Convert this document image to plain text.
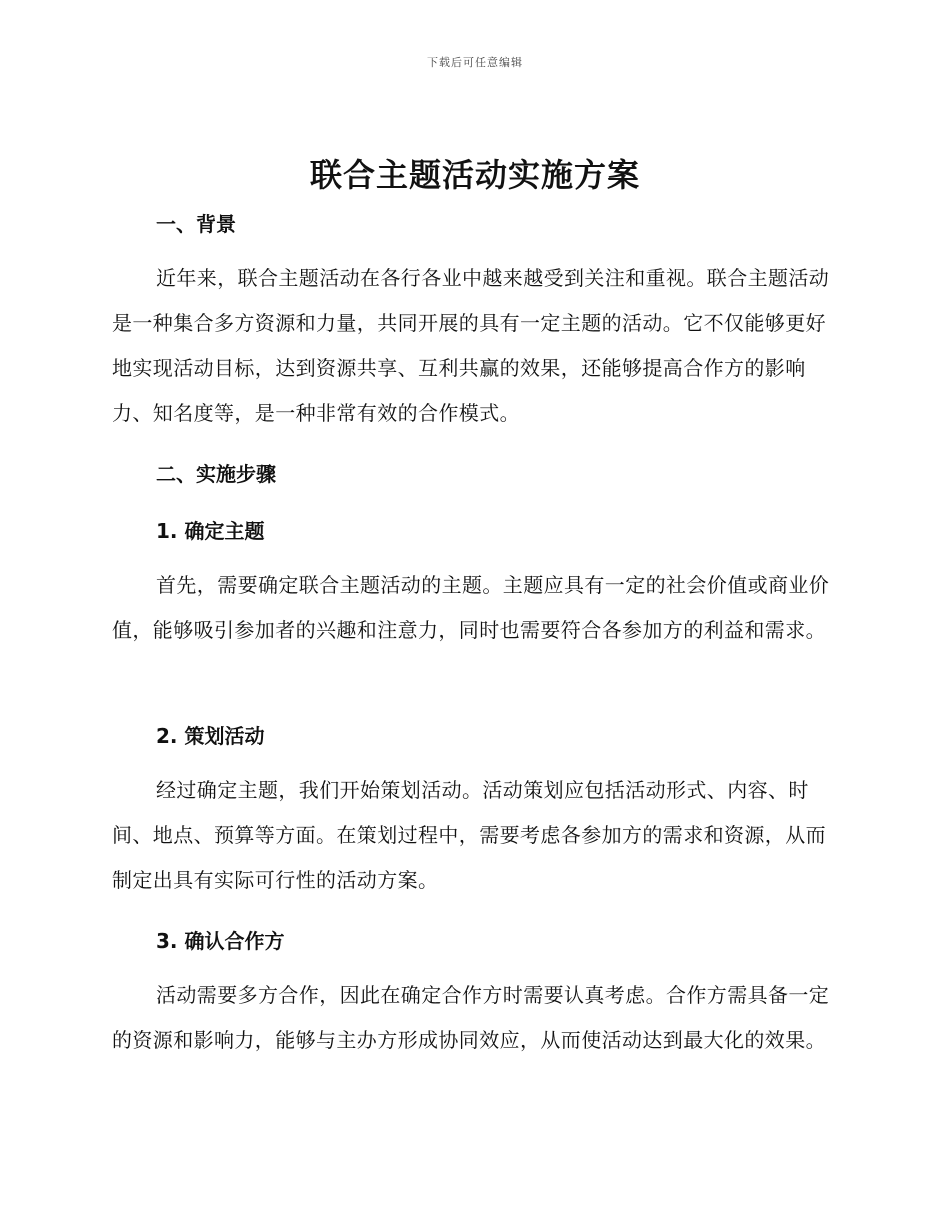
下载后可任意编辑
联合主题活动实施方案
一、背景

近年来，联合主题活动在各行各业中越来越受到关注和重视。联合主题活动是一种集合多方资源和力量，共同开展的具有一定主题的活动。它不仅能够更好地实现活动目标，达到资源共享、互利共赢的效果，还能够提高合作方的影响力、知名度等，是一种非常有效的合作模式。

二、实施步骤
1. 确定主题

首先，需要确定联合主题活动的主题。主题应具有一定的社会价值或商业价值，能够吸引参加者的兴趣和注意力，同时也需要符合各参加方的利益和需求。

2. 策划活动

经过确定主题，我们开始策划活动。活动策划应包括活动形式、内容、时间、地点、预算等方面。在策划过程中，需要考虑各参加方的需求和资源，从而制定出具有实际可行性的活动方案。

3. 确认合作方

活动需要多方合作，因此在确定合作方时需要认真考虑。合作方需具备一定的资源和影响力，能够与主办方形成协同效应，从而使活动达到最大化的效果。
